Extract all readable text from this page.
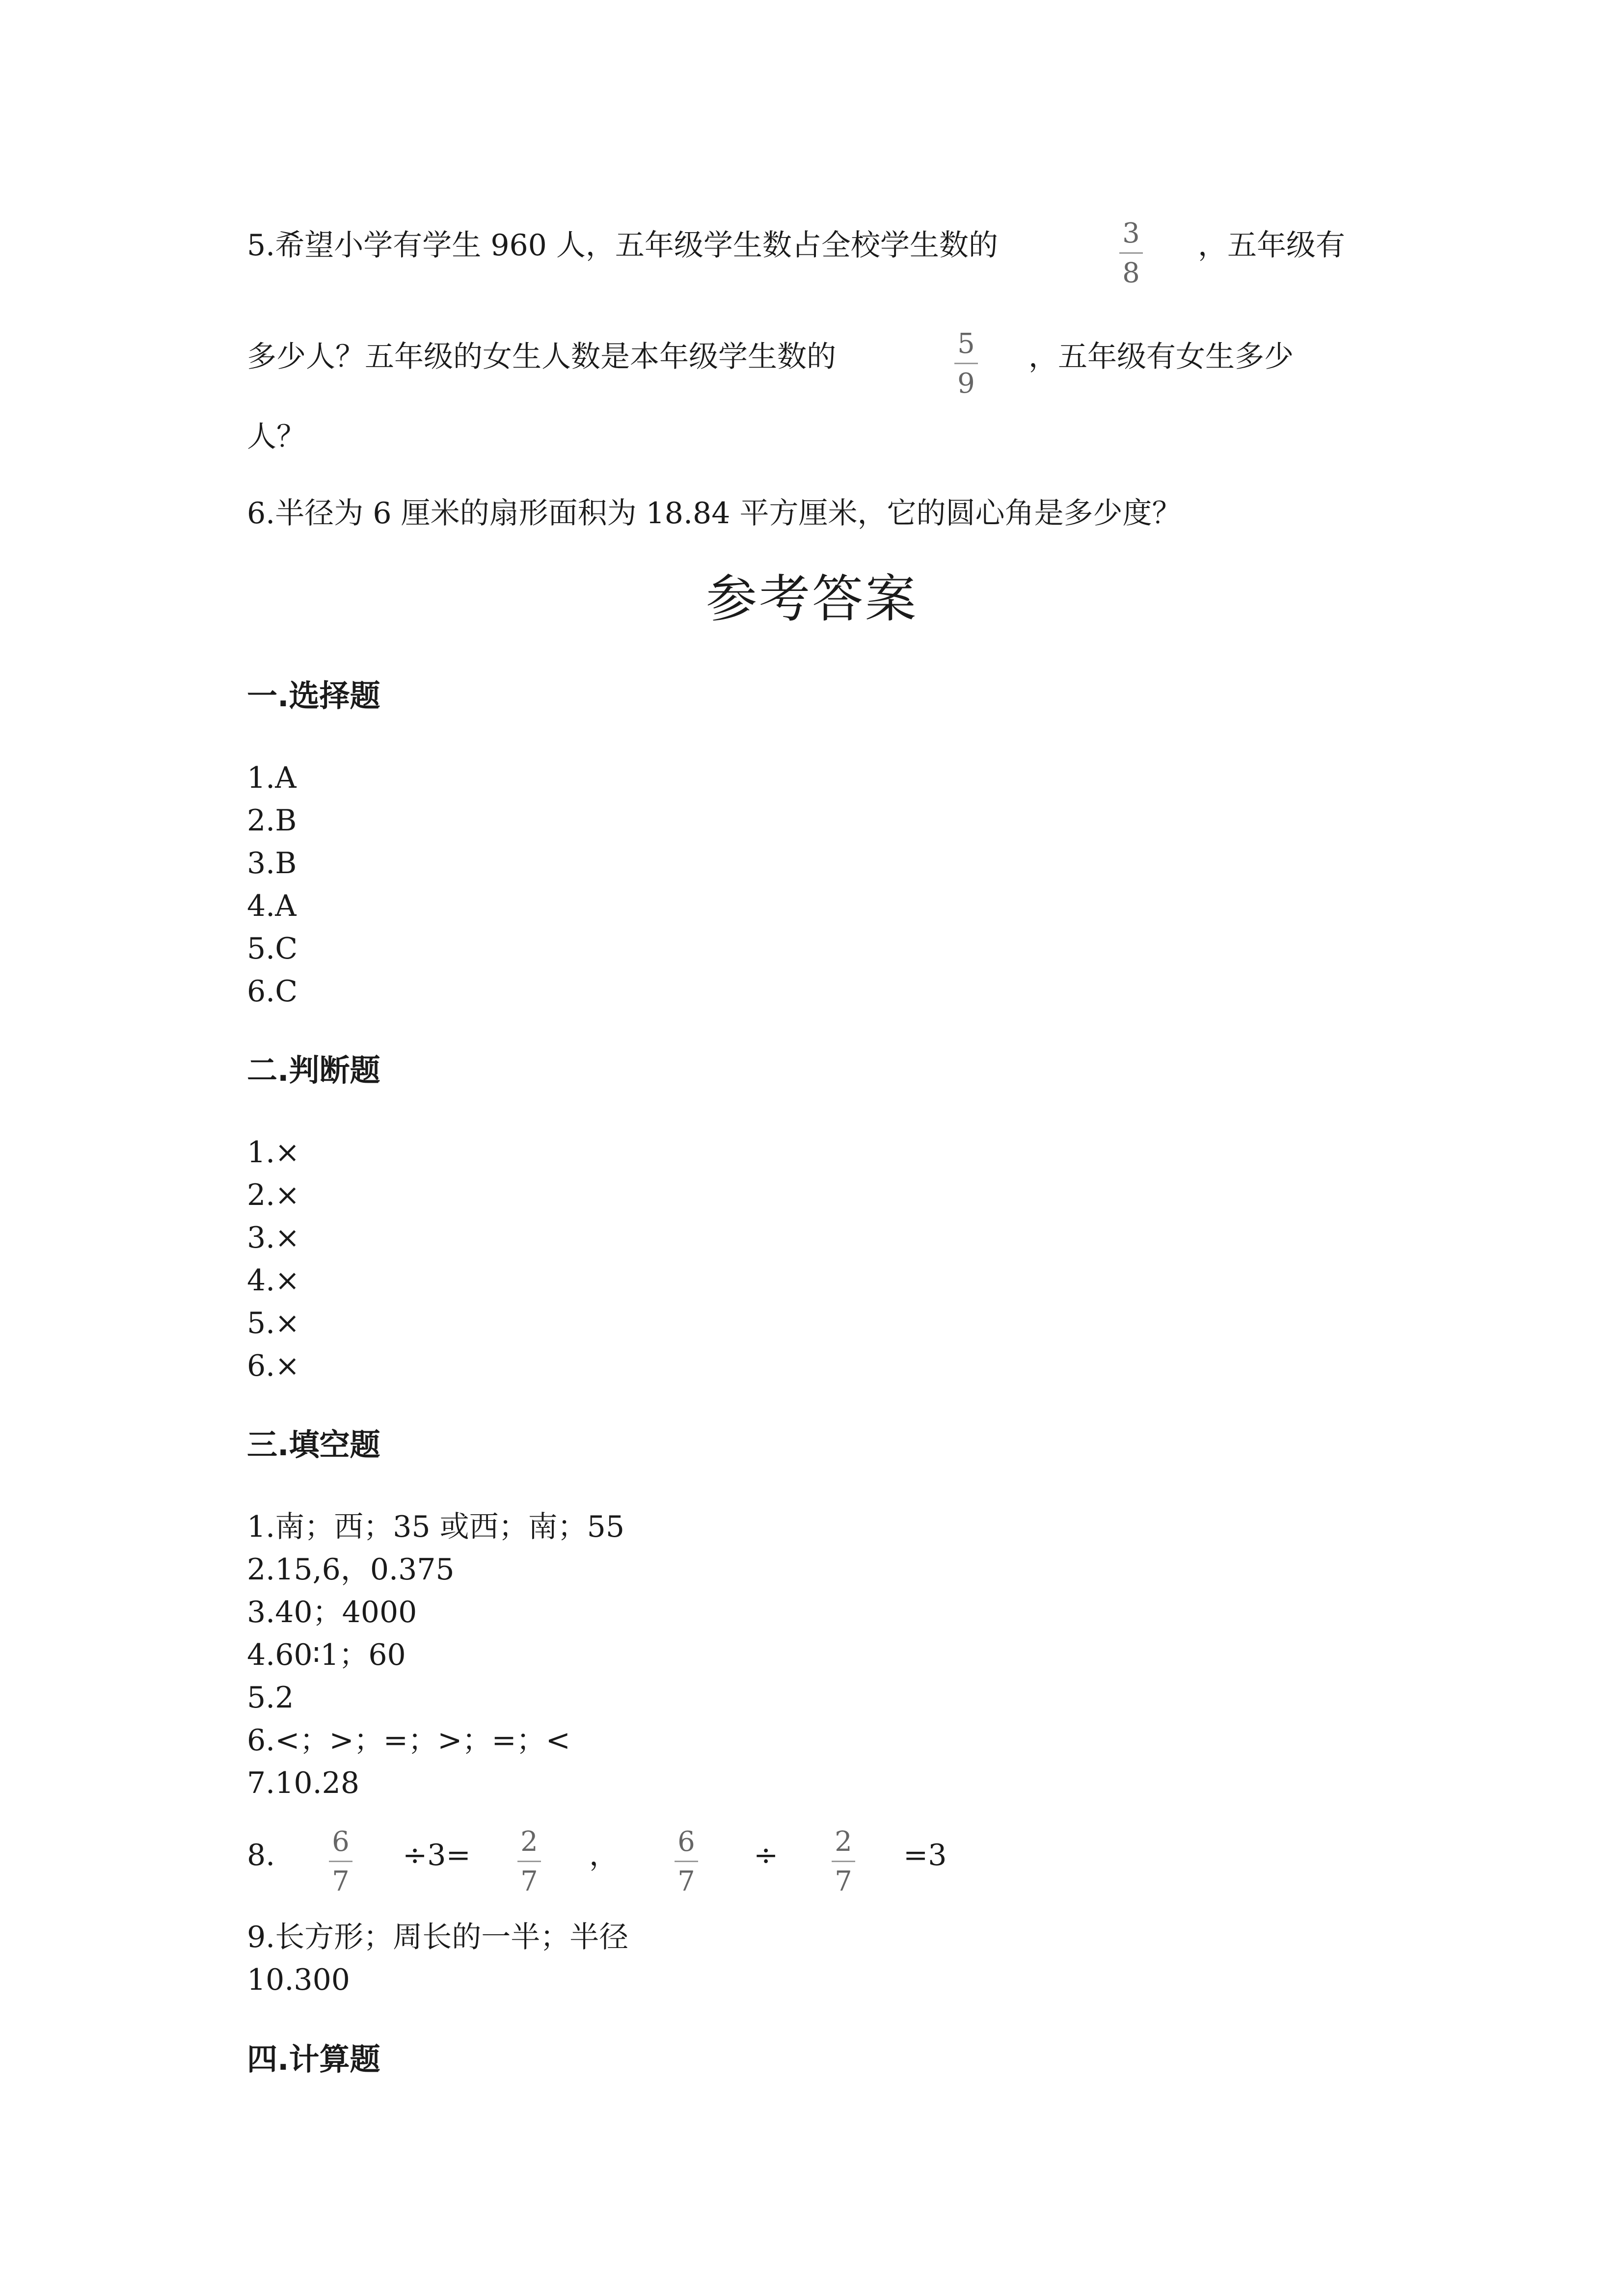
5.希望小学有学生 960 人，五年级学生数占全校学生数的	3
8
，五年级有
多少人？五年级的女生人数是本年级学生数的	5
9
，五年级有女生多少
人？
6.半径为 6 厘米的扇形面积为 18.84 平方厘米，它的圆心角是多少度？
参考答案
一.选择题
1.A
2.B
3.B
4.A
5.C
6.C
二.判断题
1.×
2.×
3.×
4.×
5.×
6.×
三.填空题
1.南；西；35 或西；南；55
2.15,6，0.375
3.40；4000
4.60∶1；60
5.2
6.<；>；=；>；=；<
7.10.28
8. 6
7
÷3= 2
7
， 6
7
÷ 2
7
=3
9.长方形；周长的一半；半径
10.300
四.计算题
